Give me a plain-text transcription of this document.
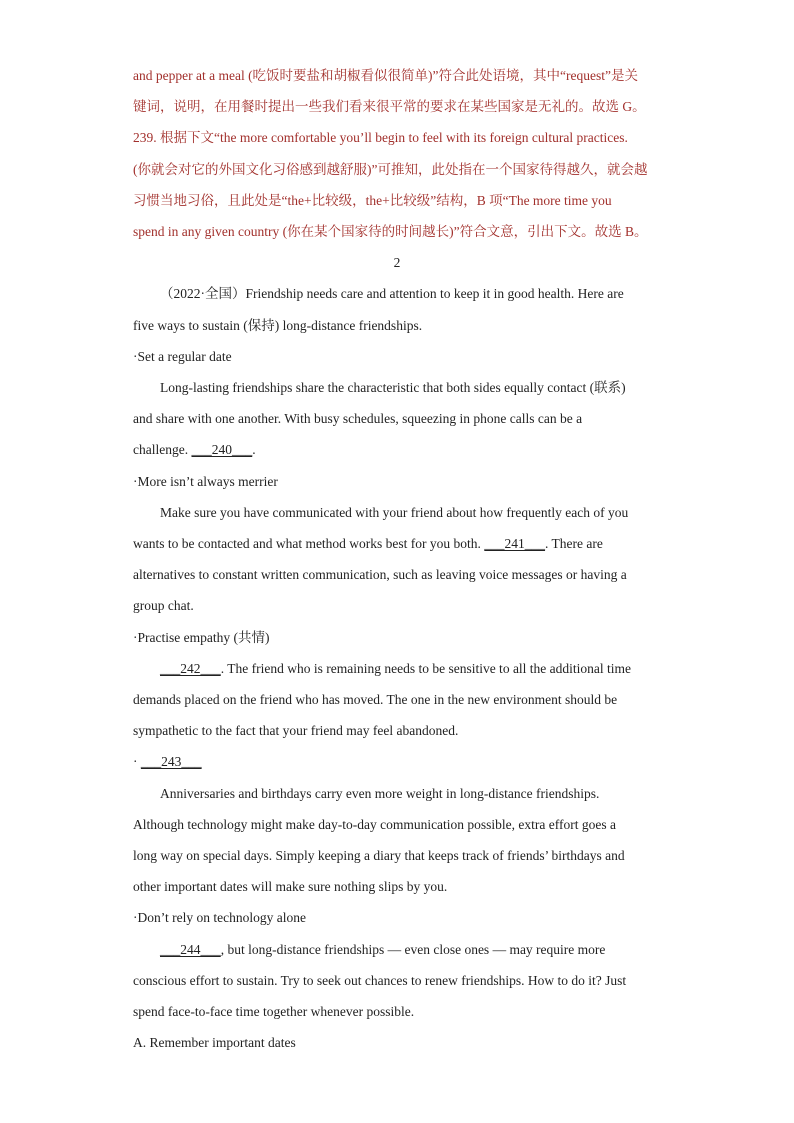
and pepper at a meal (吃饭时要盐和胡椒看似很简单)”符合此处语境，其中“request”是关

键词，说明，在用餐时提出一些我们看来很平常的要求在某些国家是无礼的。故选 G。

239. 根据下文“the more comfortable you’ll begin to feel with its foreign cultural practices.

(你就会对它的外国文化习俗感到越舒服)”可推知，此处指在一个国家待得越久，就会越

习惯当地习俗，且此处是“the+比较级，the+比较级”结构，B 项“The more time you

spend in any given country (你在某个国家待的时间越长)”符合文意，引出下文。故选 B。

2

（2022·全国）Friendship needs care and attention to keep it in good health. Here are

five ways to sustain (保持) long-distance friendships.

·Set a regular date

Long-lasting friendships share the characteristic that both sides equally contact (联系)

and share with one another. With busy schedules, squeezing in phone calls can be a

challenge. ___240___.

·More isn’t always merrier

Make sure you have communicated with your friend about how frequently each of you

wants to be contacted and what method works best for you both. ___241___. There are

alternatives to constant written communication, such as leaving voice messages or having a

group chat.

·Practise empathy (共情)

___242___. The friend who is remaining needs to be sensitive to all the additional time

demands placed on the friend who has moved. The one in the new environment should be

sympathetic to the fact that your friend may feel abandoned.

· ___243___

Anniversaries and birthdays carry even more weight in long-distance friendships.

Although technology might make day-to-day communication possible, extra effort goes a

long way on special days. Simply keeping a diary that keeps track of friends’ birthdays and

other important dates will make sure nothing slips by you.

·Don’t rely on technology alone

___244___, but long-distance friendships — even close ones — may require more

conscious effort to sustain. Try to seek out chances to renew friendships. How to do it? Just

spend face-to-face time together whenever possible.

A. Remember important dates
